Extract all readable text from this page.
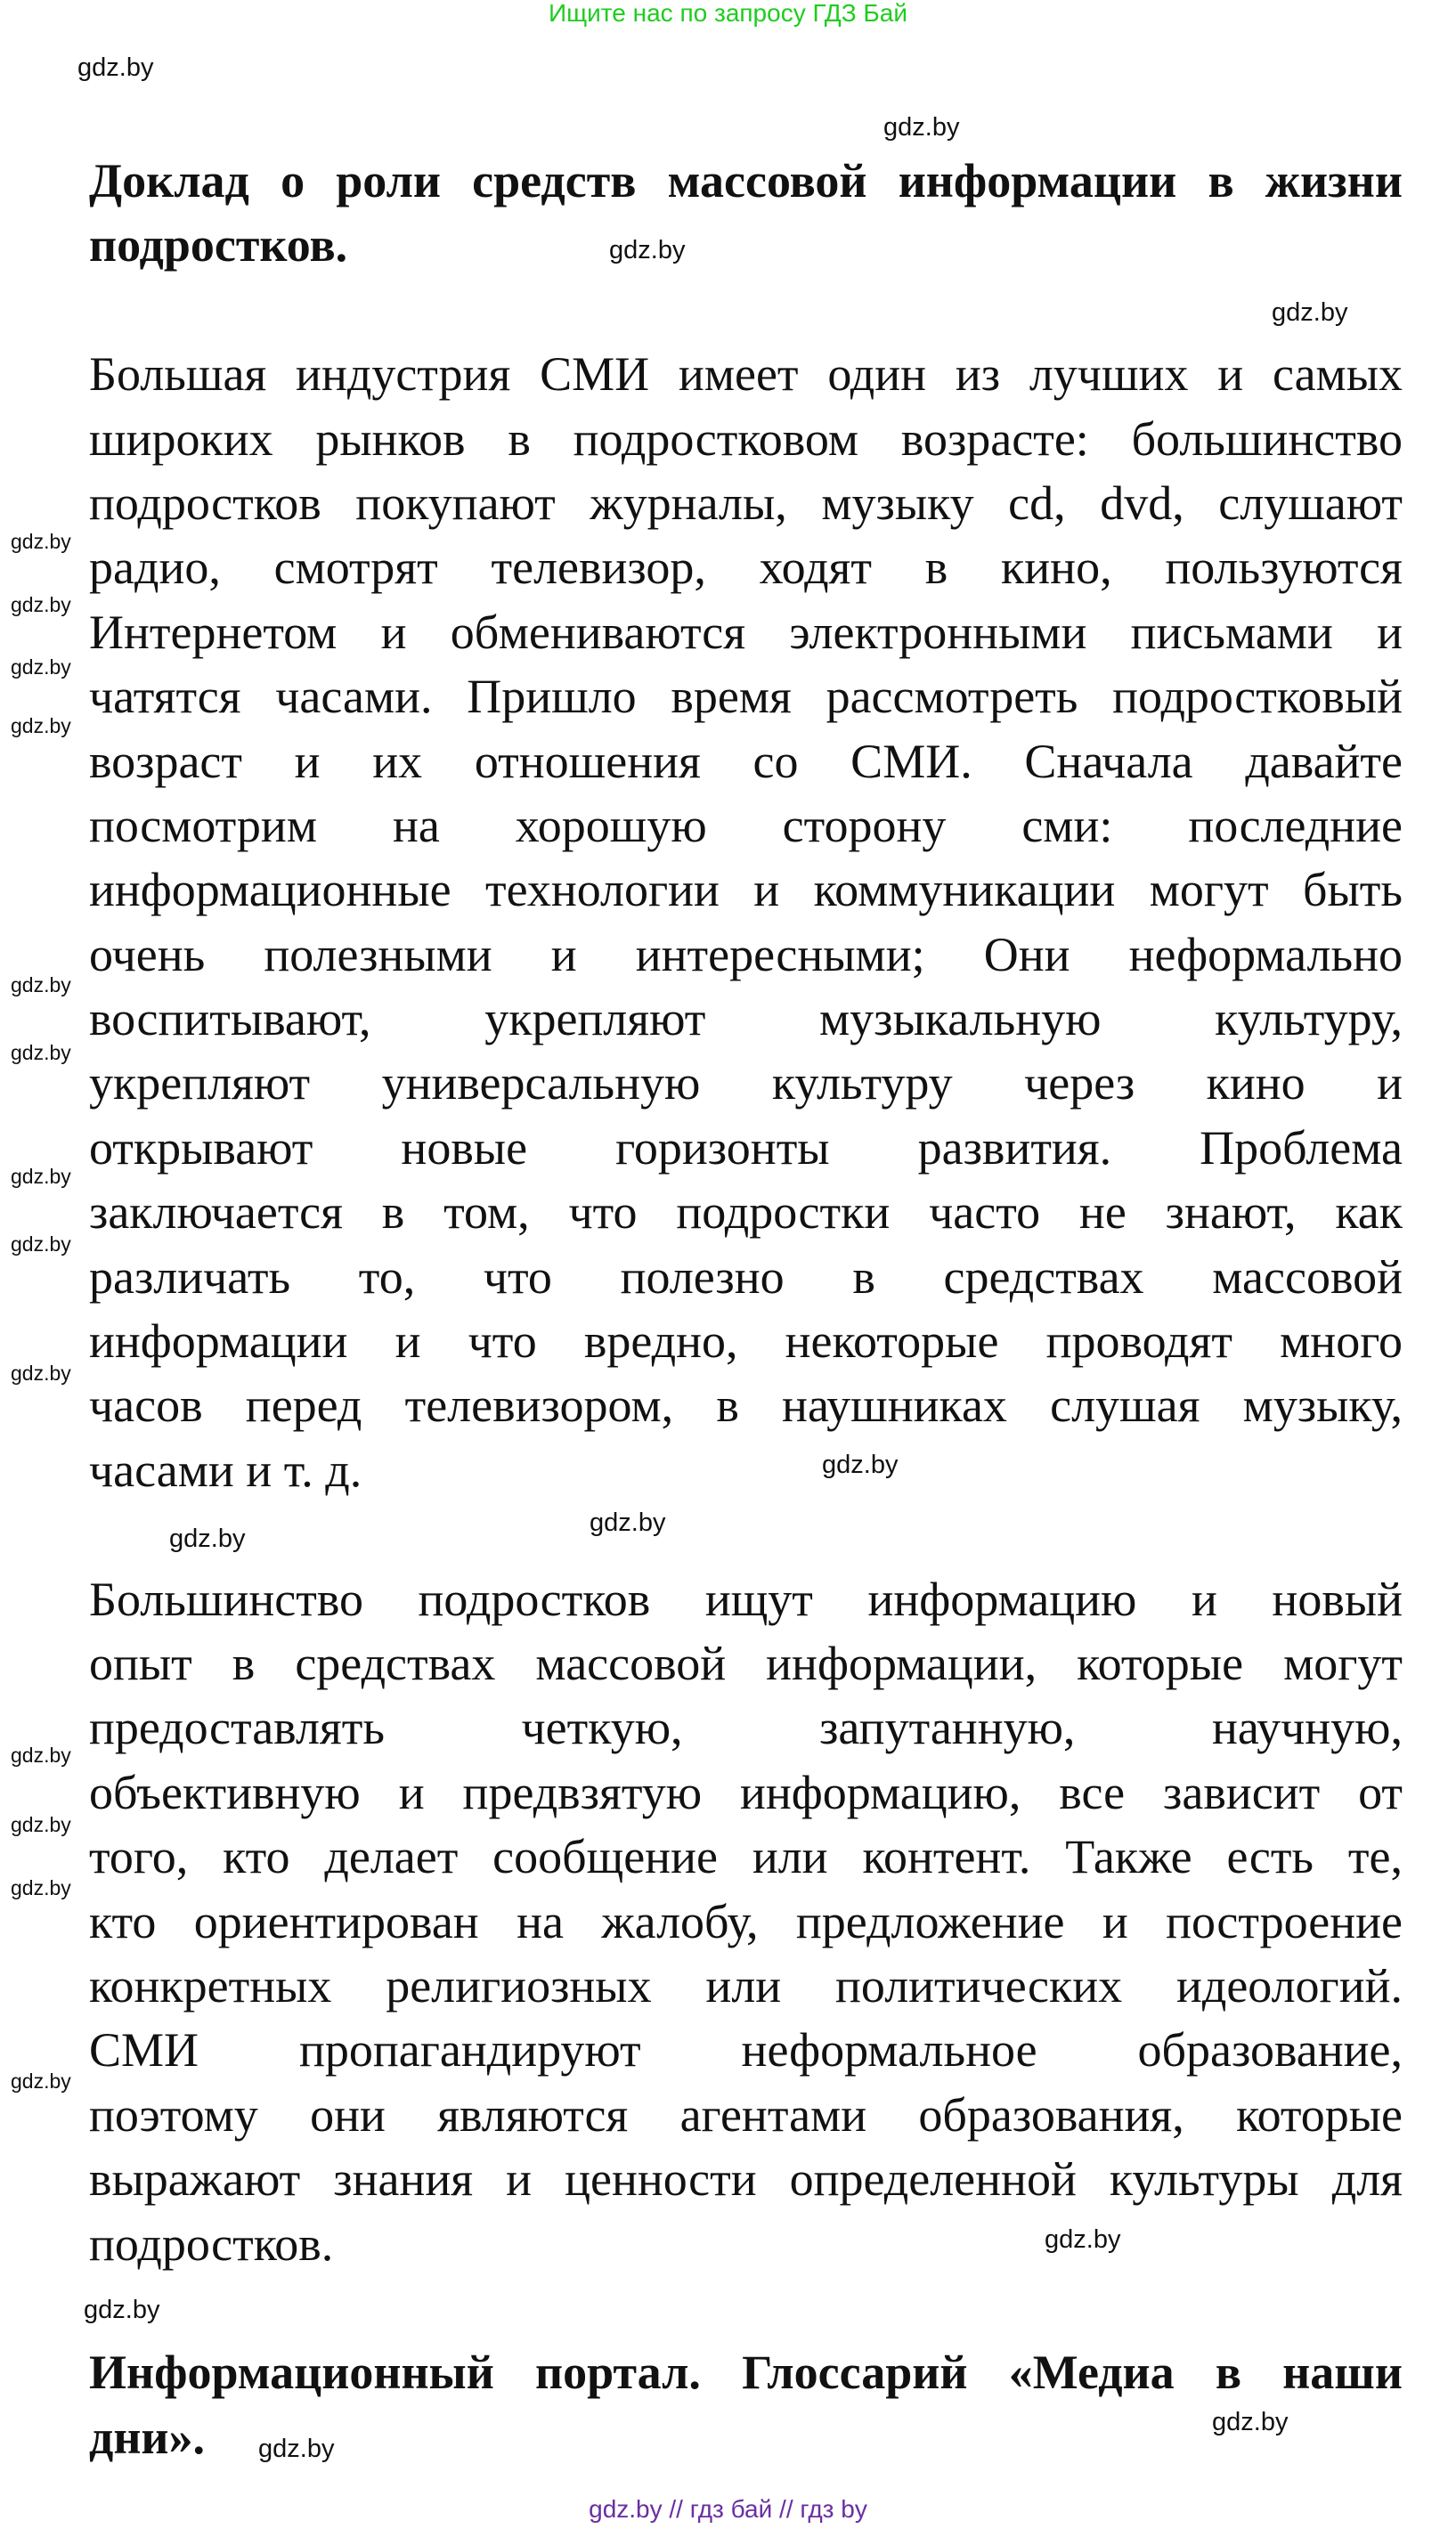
Ищите нас по запросу ГДЗ Бай
Доклад о роли средств массовой информации в жизни
подростков.
Большая индустрия СМИ имеет один из лучших и самых
широких рынков в подростковом возрасте: большинство
подростков покупают журналы, музыку cd, dvd, слушают
радио, смотрят телевизор, ходят в кино, пользуются
Интернетом и обмениваются электронными письмами и
чатятся часами. Пришло время рассмотреть подростковый
возраст и их отношения со СМИ. Сначала давайте
посмотрим на хорошую сторону сми: последние
информационные технологии и коммуникации могут быть
очень полезными и интересными; Они неформально
воспитывают, укрепляют музыкальную культуру,
укрепляют универсальную культуру через кино и
открывают новые горизонты развития. Проблема
заключается в том, что подростки часто не знают, как
различать то, что полезно в средствах массовой
информации и что вредно, некоторые проводят много
часов перед телевизором, в наушниках слушая музыку,
часами и т. д.
Большинство подростков ищут информацию и новый
опыт в средствах массовой информации, которые могут
предоставлять четкую, запутанную, научную,
объективную и предвзятую информацию, все зависит от
того, кто делает сообщение или контент. Также есть те,
кто ориентирован на жалобу, предложение и построение
конкретных религиозных или политических идеологий.
СМИ пропагандируют неформальное образование,
поэтому они являются агентами образования, которые
выражают знания и ценности определенной культуры для
подростков.
Информационный портал. Глоссарий «Медиа в наши
дни».
gdz.by
gdz.by
gdz.by
gdz.by
gdz.by
gdz.by
gdz.by
gdz.by
gdz.by
gdz.by
gdz.by
gdz.by
gdz.by
gdz.by
gdz.by
gdz.by
gdz.by
gdz.by
gdz.by
gdz.by
gdz.by
gdz.by
gdz.by
gdz.by
gdz.by // гдз бай // гдз by
